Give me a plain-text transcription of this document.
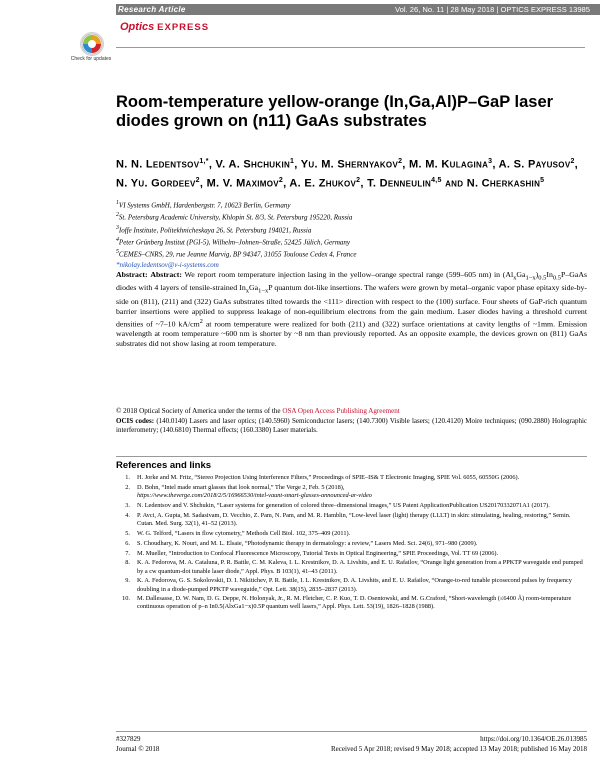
Research Article	Vol. 26, No. 11 | 28 May 2018 | OPTICS EXPRESS 13985
Optics EXPRESS
Check for updates
Room-temperature yellow-orange (In,Ga,Al)P–GaP laser diodes grown on (n11) GaAs substrates
N. N. Ledentsov$^{1,*}$, V. A. Shchukin$^1$, Yu. M. Shernyakov$^2$, M. M. Kulagina$^3$, A. S. Payusov$^2$, N. Yu. Gordeev$^2$, M. V. Maximov$^2$, A. E. Zhukov$^2$, T. Denneulin$^{4,5}$ and N. Cherkashin$^5$
$^1$VI Systems GmbH, Hardenbergstr. 7, 10623 Berlin, Germany
$^2$St. Petersburg Academic University, Khlopin St. 8/3, St. Petersburg 195220, Russia
$^3$Ioffe Institute, Politekhnicheskaya 26, St. Petersburg 194021, Russia
$^4$Peter Grünberg Institut (PGI-5), Wilhelm–Johnen–Straße, 52425 Jülich, Germany
$^5$CEMES–CNRS, 29, rue Jeanne Marvig, BP 94347, 31055 Toulouse Cedex 4, France
*nikolay.ledentsov@v-i-systems.com
Abstract: Abstract: We report room temperature injection lasing in the yellow–orange spectral range (599–605 nm) in $(Al_xGa_{1-x})_{0.5}In_{0.5}P$–GaAs diodes with 4 layers of tensile-strained $In_xGa_{1-x}P$ quantum dot-like insertions. The wafers were grown by metal–organic vapor phase epitaxy side-by-side on (811), (211) and (322) GaAs substrates tilted towards the <111> direction with respect to the (100) surface. Four sheets of GaP-rich quantum barrier insertions were applied to suppress leakage of non-equilibrium electrons from the gain medium. Laser diodes having a threshold current densities of ~7–10 $kA/cm^2$ at room temperature were realized for both (211) and (322) surface orientations at cavity lengths of ~1mm. Emission wavelength at room temperature ~600 nm is shorter by ~8 nm than previously reported. As an opposite example, the devices grown on (811) GaAs substrates did not show lasing at room temperature.
© 2018 Optical Society of America under the terms of the OSA Open Access Publishing Agreement
OCIS codes: (140.0140) Lasers and laser optics; (140.5960) Semiconductor lasers; (140.7300) Visible lasers; (120.4120) Moire techniques; (090.2880) Holographic interferometry; (140.6810) Thermal effects; (160.3380) Laser materials.
References and links
1. H. Jorke and M. Fritz, “Stereo Projection Using Interference Filters,” Proceedings of SPIE–IS& T Electronic Imaging, SPIE Vol. 6055, 60550G (2006).
2. D. Bohn, “Intel made smart glasses that look normal,” The Verge 2, Feb. 5 (2018),
https://www.theverge.com/2018/2/5/16966530/intel-vaunt-smart-glasses-announced-ar-video
3. N. Ledentsov and V. Shchukin, “Laser systems for generation of colored three–dimensional images,” US Patent ApplicationPublication US20170332071A1 (2017).
4. P. Avci, A. Gupta, M. Sadasivam, D. Vecchio, Z. Pam, N. Pam, and M. R. Hamblin, “Low-level laser (light) therapy (LLLT) in skin: stimulating, healing, restoring,” Semin. Cutan. Med. Surg. 32(1), 41–52 (2013).
5. W. G. Telford, “Lasers in flow cytometry,” Methods Cell Biol. 102, 375–409 (2011).
6. S. Choudhary, K. Nouri, and M. L. Elsaie, “Photodynamic therapy in dermatology: a review,” Lasers Med. Sci. 24(6), 971–980 (2009).
7. M. Mueller, “Introduction to Confocal Fluorescence Microscopy, Tutorial Texts in Optical Engineering,” SPIE Proceedings, Vol. TT 69 (2006).
8. K. A. Fedorova, M. A. Cataluna, P. R. Battle, C. M. Kaleva, I. L. Krestnikov, D. A. Livshits, and E. U. Rafailov, “Orange light generation from a PPKTP waveguide end pumped by a cw quantum-dot tunable laser diode,” Appl. Phys. B 103(1), 41–43 (2011).
9. K. A. Fedorova, G. S. Sokolovskii, D. I. Nikitichev, P. R. Battle, I. L. Krestnikov, D. A. Livshits, and E. U. Rafailov, “Orange-to-red tunable picosecond pulses by frequency doubling in a diode-pumped PPKTP waveguide,” Opt. Lett. 38(15), 2835–2837 (2013).
10. M. Dallesasse, D. W. Nam, D. G. Deppe, N. Holonyak, Jr., R. M. Fletcher, C. P. Kuo, T. D. Osentowski, and M. G.Craford, “Short-wavelength (≤6400 Å) room-temperature continuous operation of p–n In0.5(AlxGa1−x)0.5P quantum well lasers,” Appl. Phys. Lett. 53(19), 1826–1828 (1988).
#327829
Journal © 2018
https://doi.org/10.1364/OE.26.013985
Received 5 Apr 2018; revised 9 May 2018; accepted 13 May 2018; published 16 May 2018
